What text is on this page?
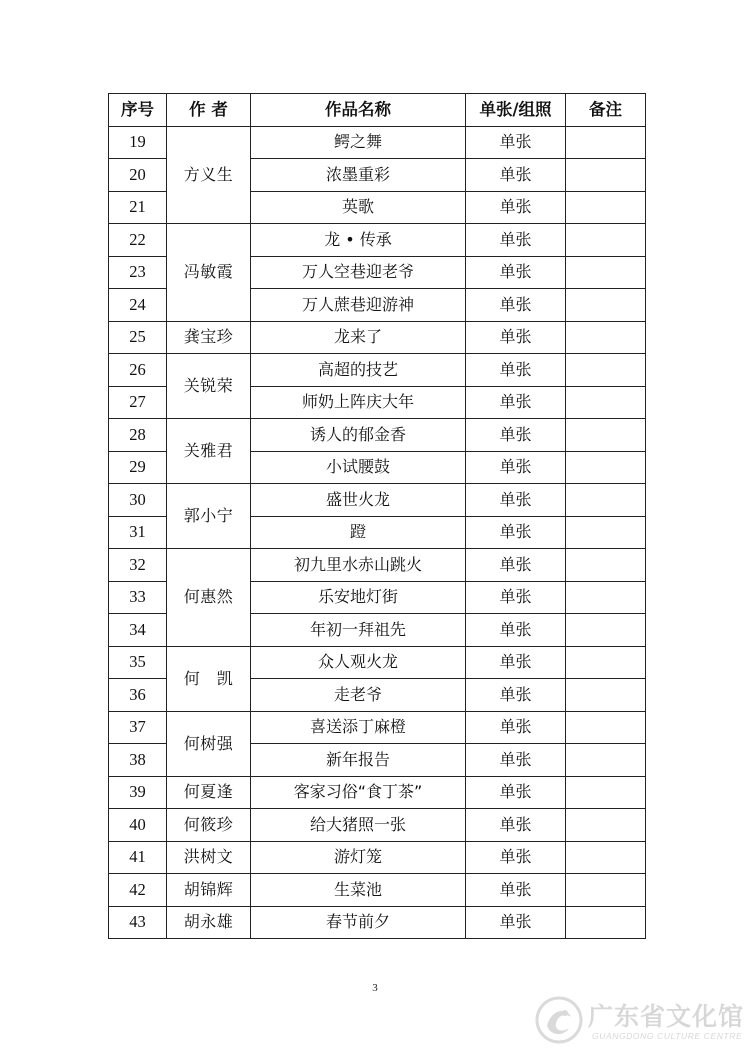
序号	作 者	作品名称	单张/组照	备注
19	方义生	鳄之舞	单张	
20		浓墨重彩	单张	
21		英歌	单张	
22	冯敏霞	龙 • 传承	单张	
23		万人空巷迎老爷	单张	
24		万人蔗巷迎游神	单张	
25	龚宝珍	龙来了	单张	
26	关锐荣	高超的技艺	单张	
27		师奶上阵庆大年	单张	
28	关雅君	诱人的郁金香	单张	
29		小试腰鼓	单张	
30	郭小宁	盛世火龙	单张	
31		蹬	单张	
32	何惠然	初九里水赤山跳火	单张	
33		乐安地灯街	单张	
34		年初一拜祖先	单张	
35	何　凯	众人观火龙	单张	
36		走老爷	单张	
37	何树强	喜送添丁麻橙	单张	
38		新年报告	单张	
39	何夏逢	客家习俗“食丁茶”	单张	
40	何筱珍	给大猪照一张	单张	
41	洪树文	游灯笼	单张	
42	胡锦辉	生菜池	单张	
43	胡永雄	春节前夕	单张	
3
广东省文化馆
GUANGDONG CULTURE CENTRE
